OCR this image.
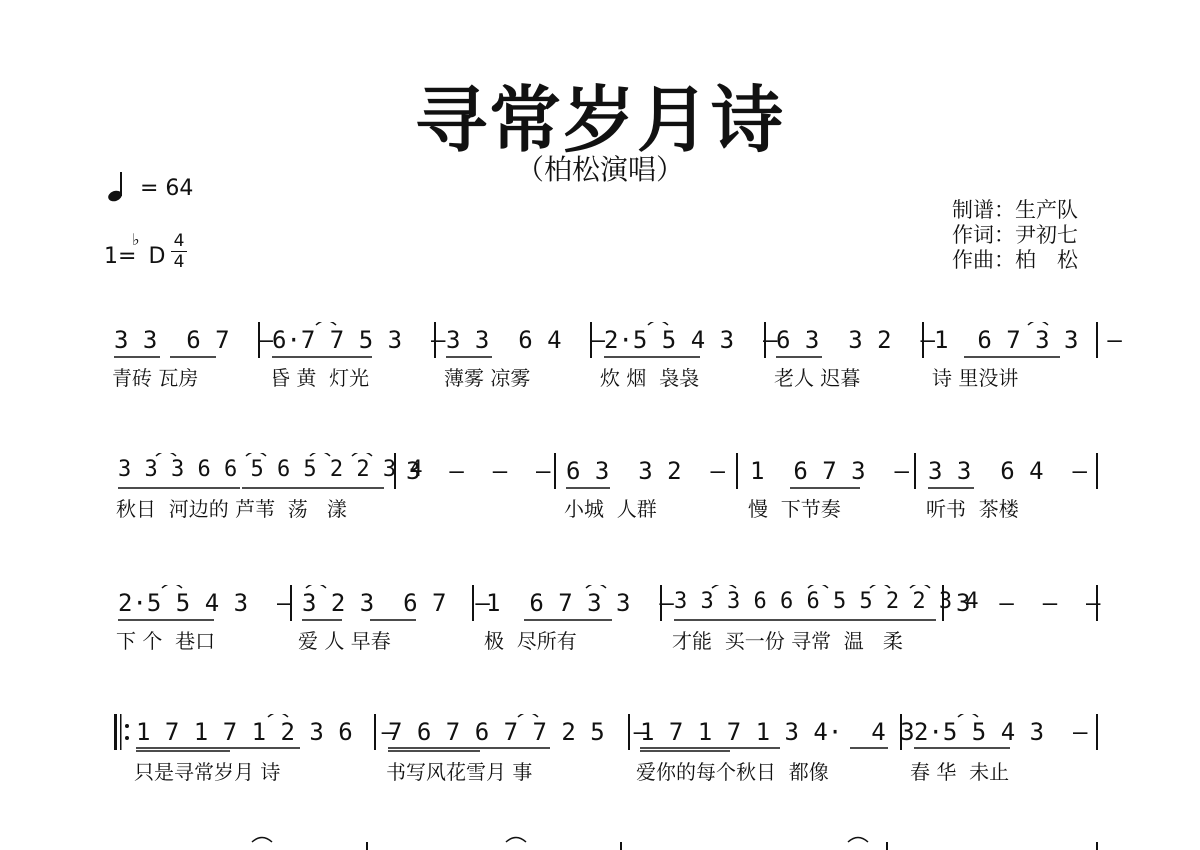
寻常岁月诗
（柏松演唱）
= 64
1= D
♭ 4
4
制谱：生产队
作词：尹初七
作曲：柏　松
3 3  6 7  – 6·7 7 5 3  – 3 3  6 4  – 2·5 5 4 3  –
6 3  3 2  – 1  6 7 3 3  –
青砖 瓦房	昏 黄  灯光	薄雾 凉雾	炊 烟  袅袅	老人 迟暮	诗 里没讲
3 3 3 6 6 5 6 5 2 2 3 4
3  –  –  – 6 3  3 2  – 1  6 7 3  – 3 3  6 4  –
秋日  河边的 芦苇  荡   漾	小城  人群	慢  下节奏	听书  茶楼
2·5 5 4 3  – 3 2 3  6 7  –
1  6 7 3 3  – 3 3 3 6 6 6 5 5 2 2 3 4
3  –  –  –
下 个  巷口	爱 人 早春	极  尽所有	才能  买一份 寻常  温   柔
1 7 1 7 1 2 3 6  –
7 6 7 6 7 7 2 5  –
1 7 1 7 1 3 4·  4 3 2·5 5 4 3  –
只是寻常岁月 诗	书写风花雪月 事	爱你的每个秋日  都像	春 华  未止
